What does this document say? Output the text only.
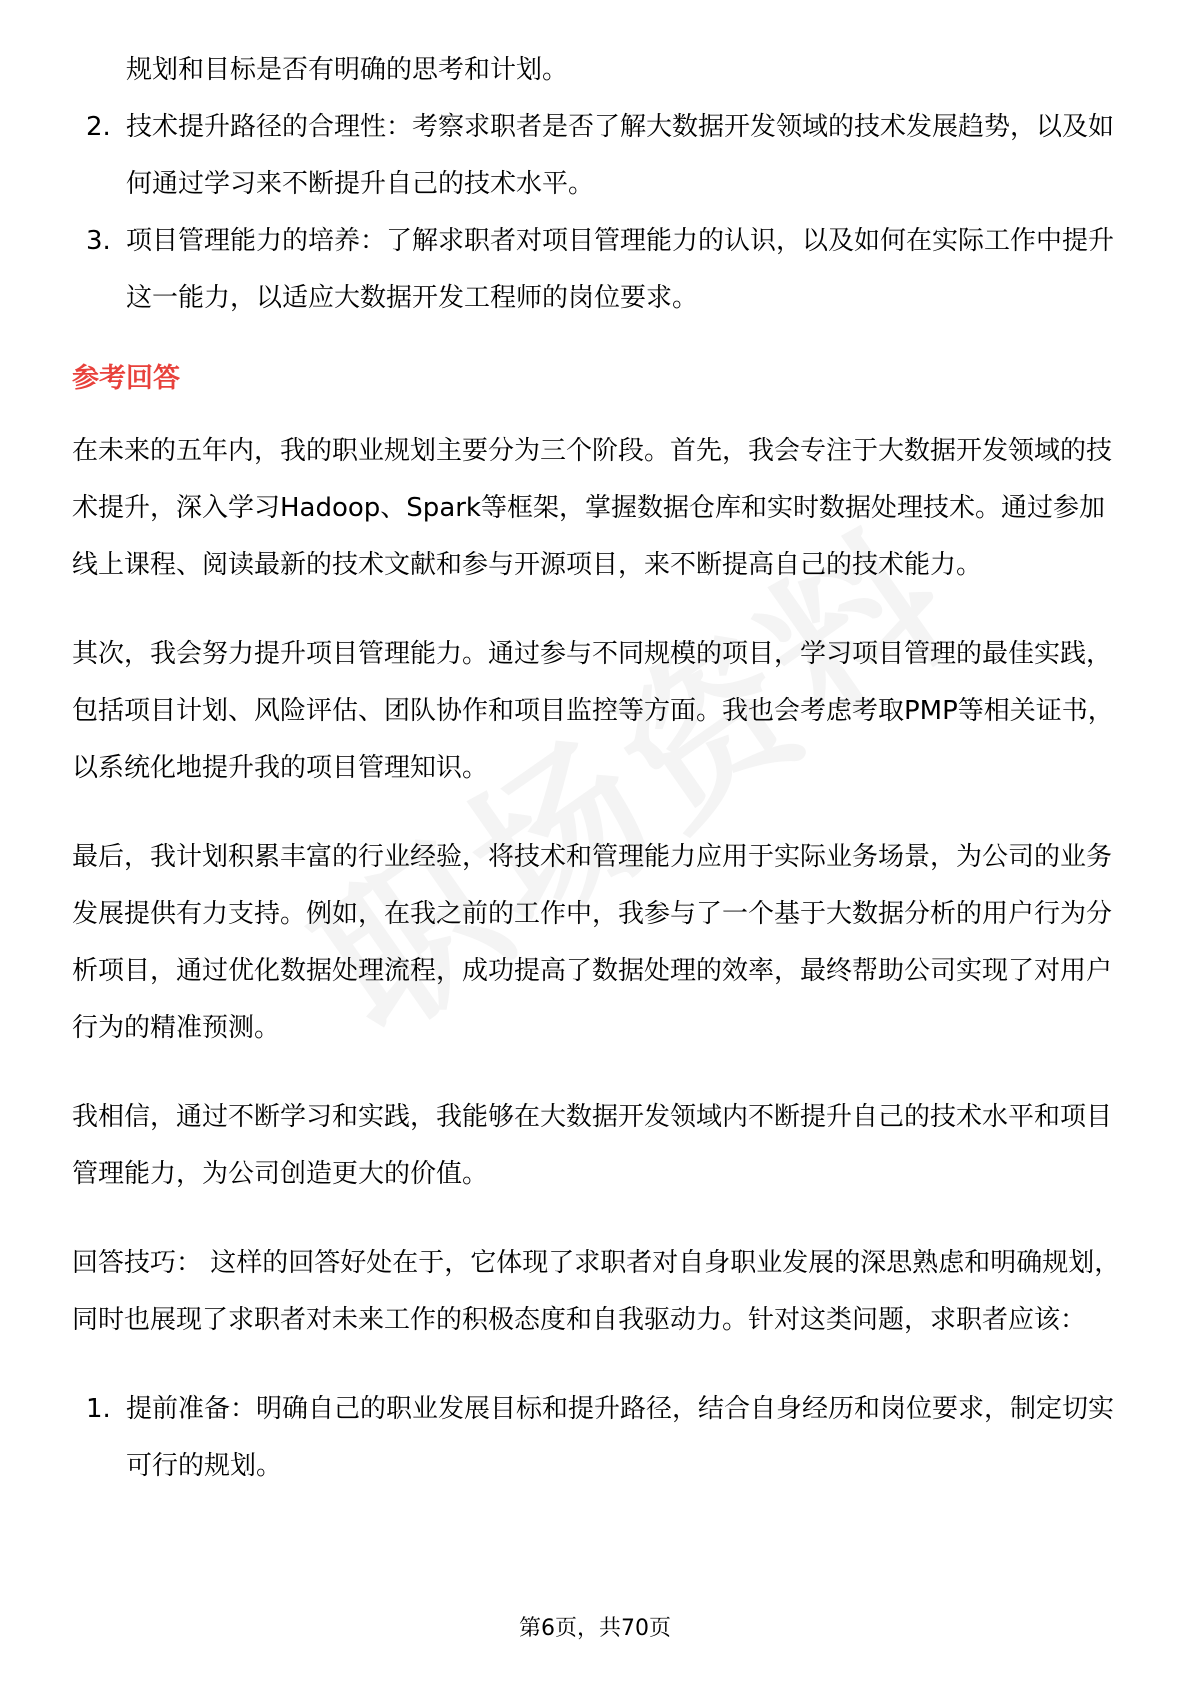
规划和目标是否有明确的思考和计划。

2. 技术提升路径的合理性：考察求职者是否了解大数据开发领域的技术发展趋势，以及如何通过学习来不断提升自己的技术水平。
3. 项目管理能力的培养：了解求职者对项目管理能力的认识，以及如何在实际工作中提升这一能力，以适应大数据开发工程师的岗位要求。
参考回答

在未来的五年内，我的职业规划主要分为三个阶段。首先，我会专注于大数据开发领域的技术提升，深入学习Hadoop、Spark等框架，掌握数据仓库和实时数据处理技术。通过参加线上课程、阅读最新的技术文献和参与开源项目，来不断提高自己的技术能力。

其次，我会努力提升项目管理能力。通过参与不同规模的项目，学习项目管理的最佳实践，包括项目计划、风险评估、团队协作和项目监控等方面。我也会考虑考取PMP等相关证书，以系统化地提升我的项目管理知识。

最后，我计划积累丰富的行业经验，将技术和管理能力应用于实际业务场景，为公司的业务发展提供有力支持。例如，在我之前的工作中，我参与了一个基于大数据分析的用户行为分析项目，通过优化数据处理流程，成功提高了数据处理的效率，最终帮助公司实现了对用户行为的精准预测。

我相信，通过不断学习和实践，我能够在大数据开发领域内不断提升自己的技术水平和项目管理能力，为公司创造更大的价值。

回答技巧： 这样的回答好处在于，它体现了求职者对自身职业发展的深思熟虑和明确规划，同时也展现了求职者对未来工作的积极态度和自我驱动力。针对这类问题，求职者应该：

1. 提前准备：明确自己的职业发展目标和提升路径，结合自身经历和岗位要求，制定切实可行的规划。
第6页，共70页
